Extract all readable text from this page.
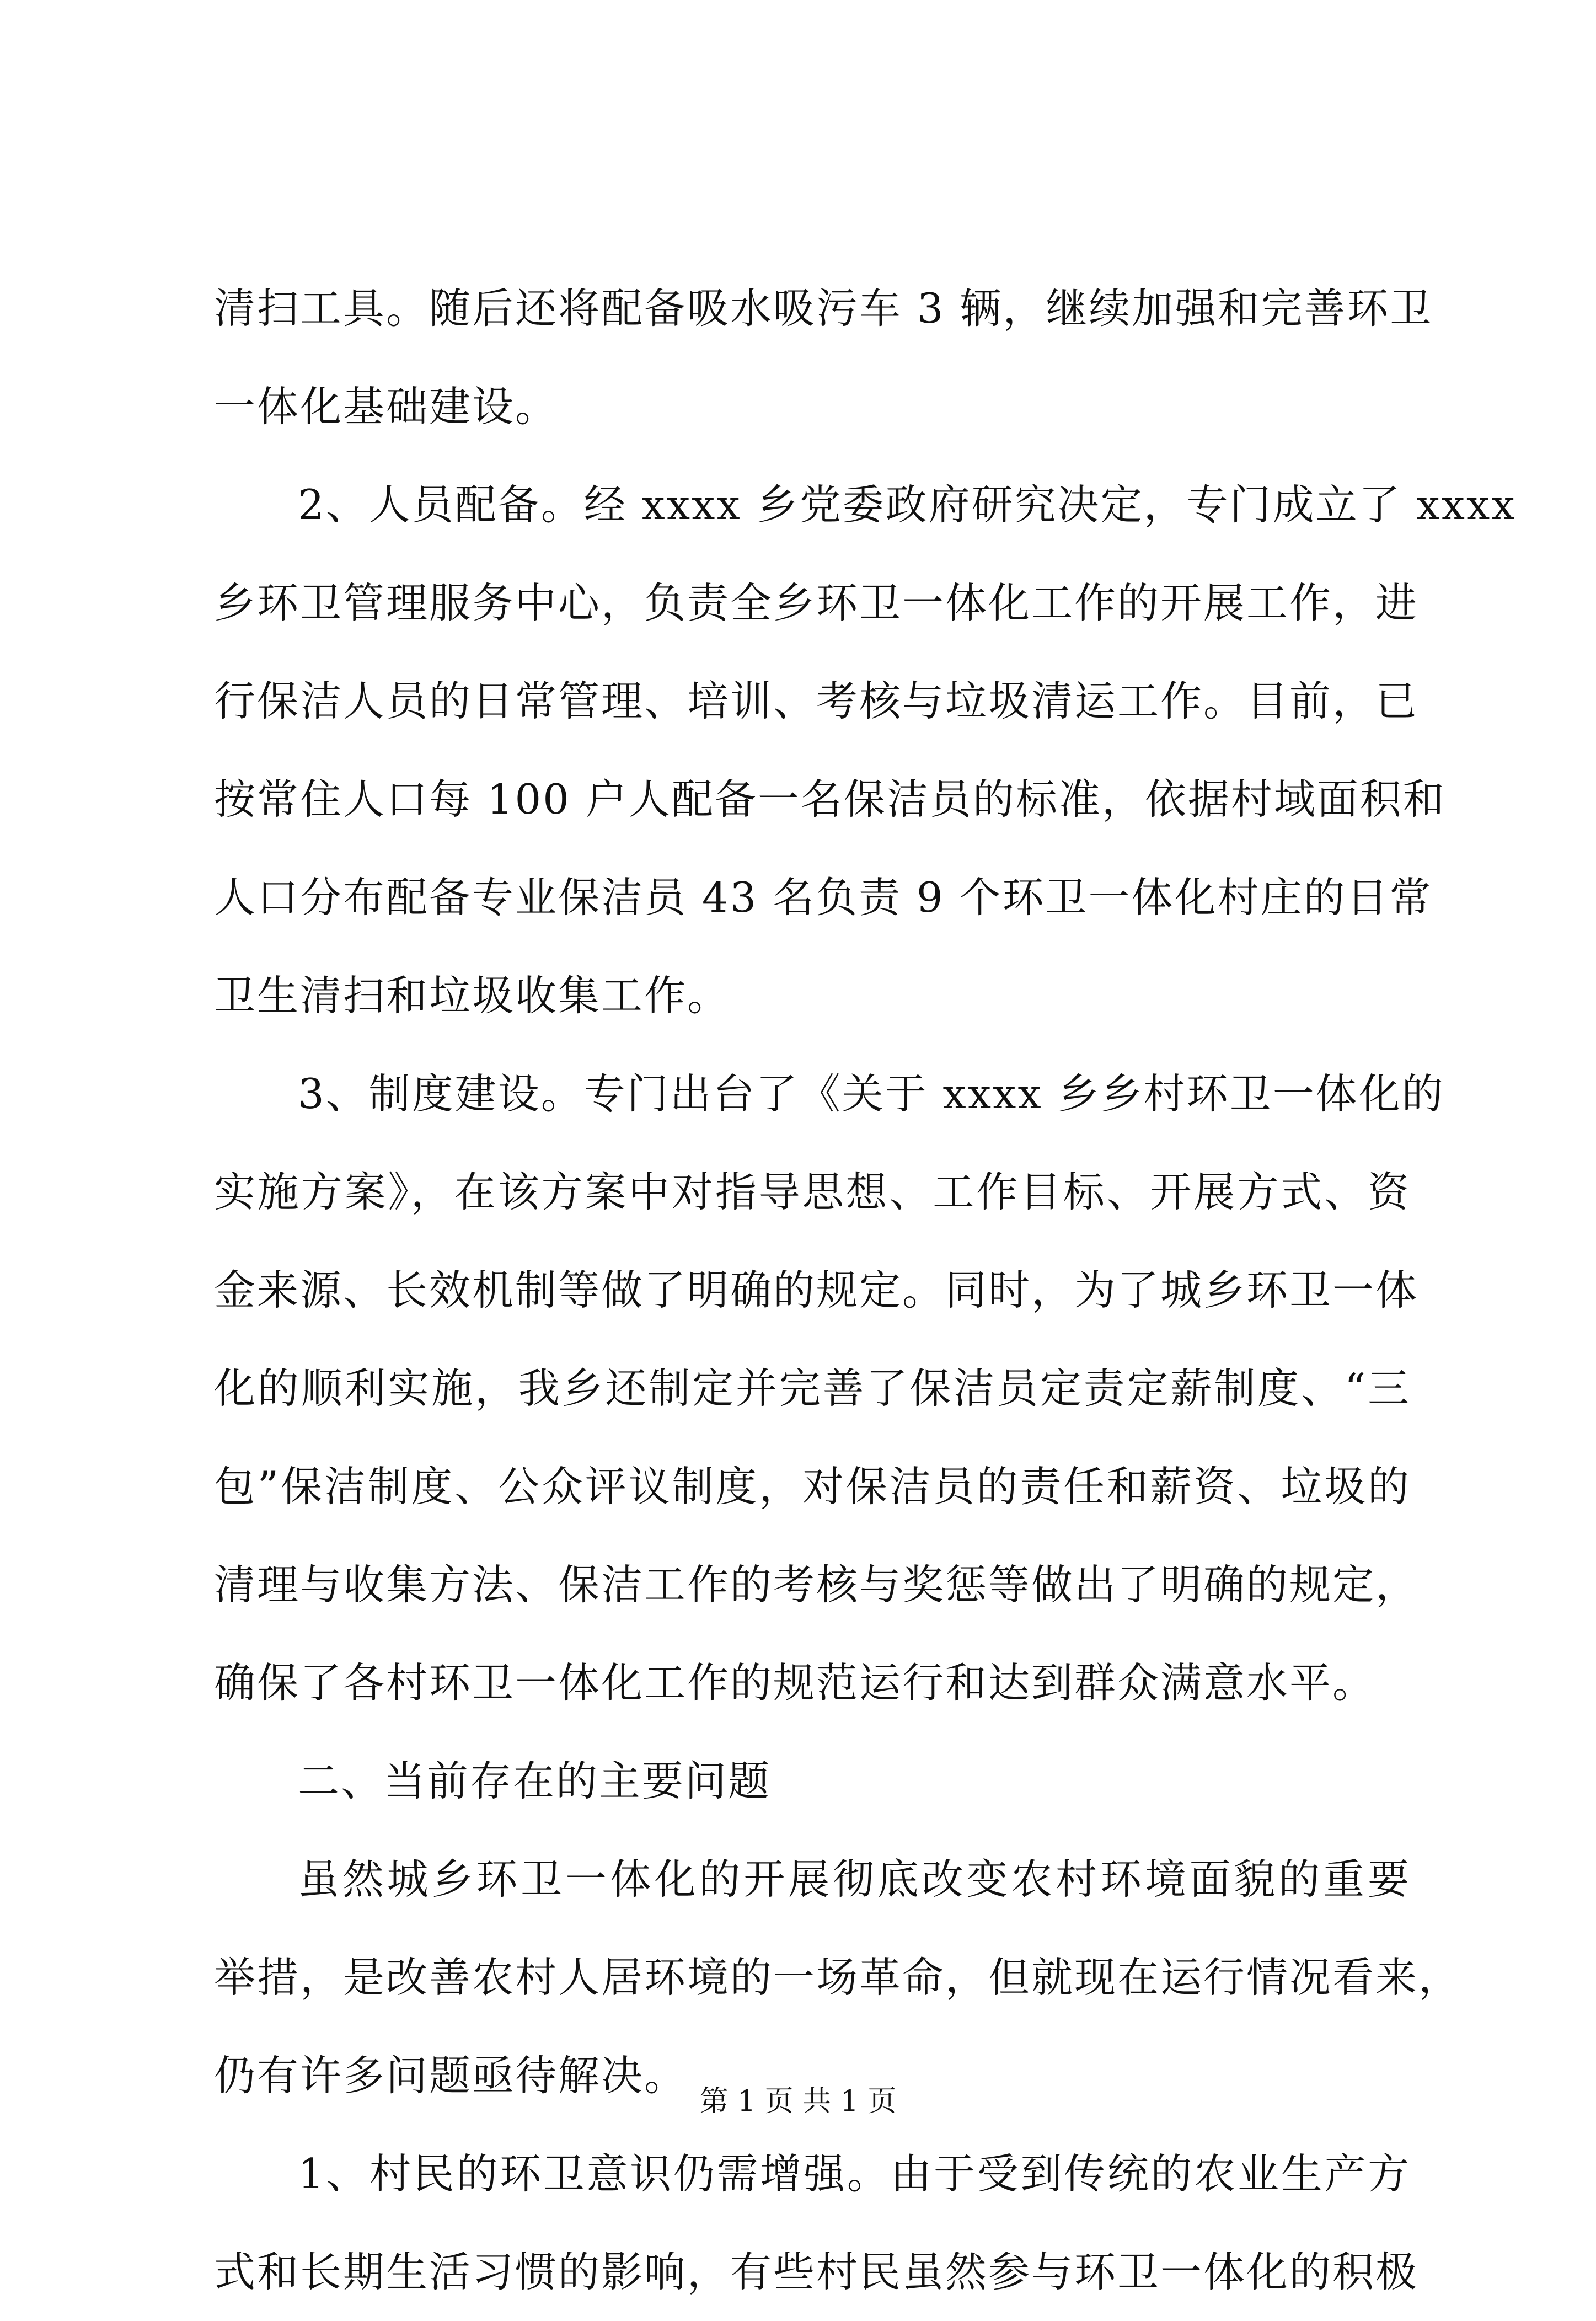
清扫工具。随后还将配备吸水吸污车 3 辆，继续加强和完善环卫
一体化基础建设。
2、人员配备。经 xxxx 乡党委政府研究决定，专门成立了 xxxx
乡环卫管理服务中心，负责全乡环卫一体化工作的开展工作，进
行保洁人员的日常管理、培训、考核与垃圾清运工作。目前，已
按常住人口每 100 户人配备一名保洁员的标准，依据村域面积和
人口分布配备专业保洁员 43 名负责 9 个环卫一体化村庄的日常
卫生清扫和垃圾收集工作。
3、制度建设。专门出台了《关于 xxxx 乡乡村环卫一体化的
实施方案》，在该方案中对指导思想、工作目标、开展方式、资
金来源、长效机制等做了明确的规定。同时，为了城乡环卫一体
化的顺利实施，我乡还制定并完善了保洁员定责定薪制度、“三
包”保洁制度、公众评议制度，对保洁员的责任和薪资、垃圾的
清理与收集方法、保洁工作的考核与奖惩等做出了明确的规定，
确保了各村环卫一体化工作的规范运行和达到群众满意水平。
二、当前存在的主要问题
虽然城乡环卫一体化的开展彻底改变农村环境面貌的重要
举措，是改善农村人居环境的一场革命，但就现在运行情况看来，
仍有许多问题亟待解决。
1、村民的环卫意识仍需增强。由于受到传统的农业生产方
式和长期生活习惯的影响，有些村民虽然参与环卫一体化的积极
第 1 页 共 1 页
